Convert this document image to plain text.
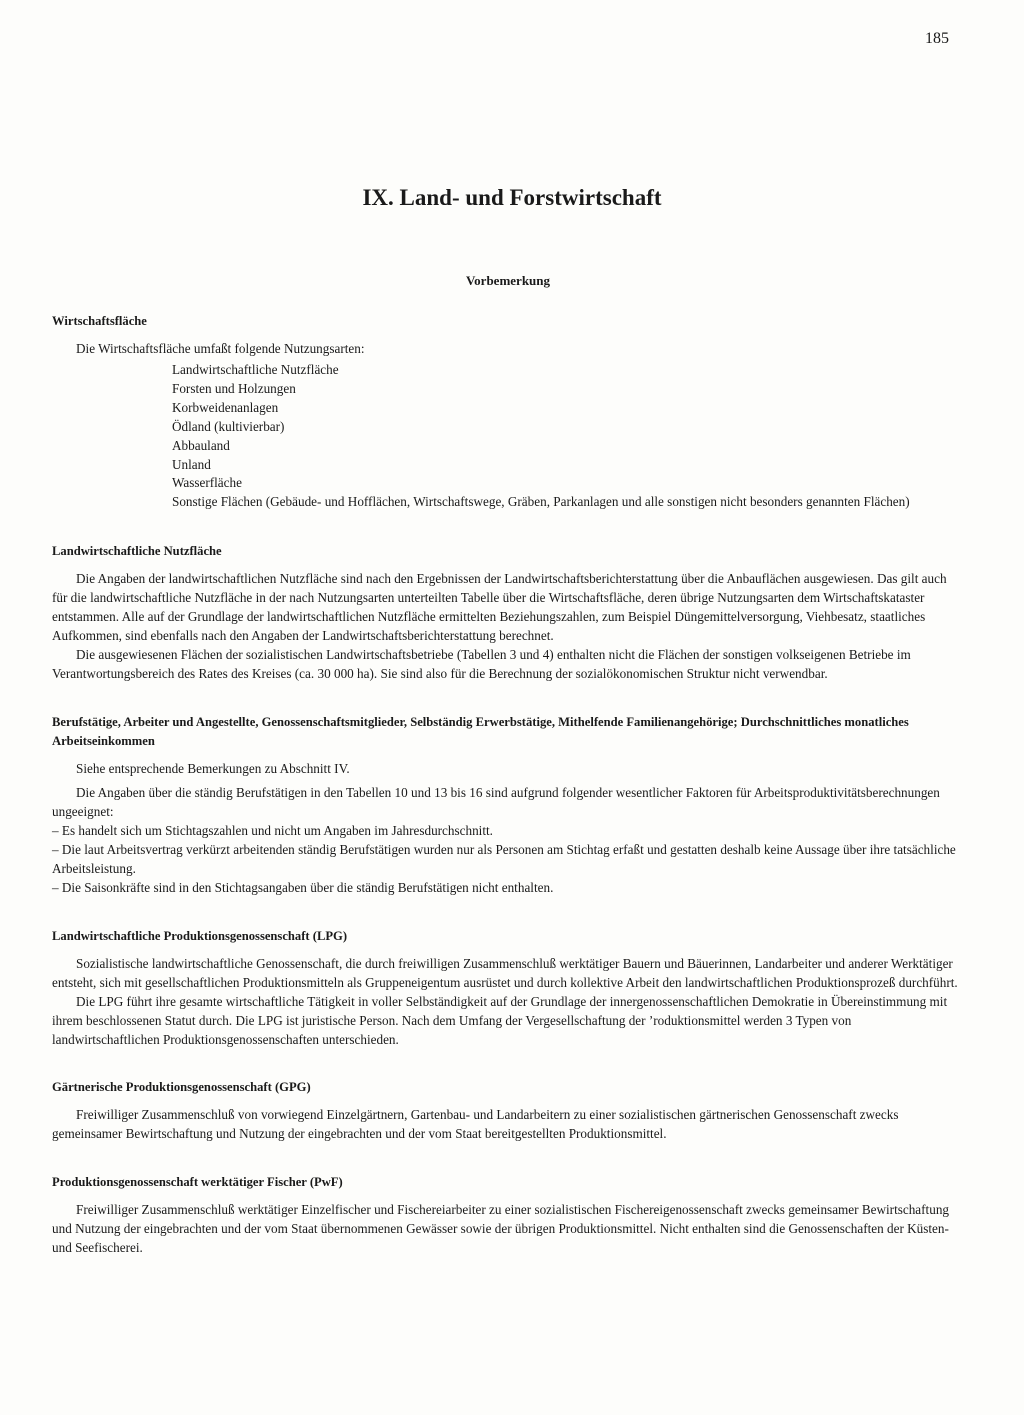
185
IX. Land- und Forstwirtschaft
Vorbemerkung
Wirtschaftsfläche

Die Wirtschaftsfläche umfaßt folgende Nutzungsarten:

Landwirtschaftliche Nutzfläche
Forsten und Holzungen
Korbweidenanlagen
Ödland (kultivierbar)
Abbauland
Unland
Wasserfläche
Sonstige Flächen (Gebäude- und Hofflächen, Wirtschaftswege, Gräben, Parkanlagen und alle sonstigen nicht besonders genannten Flächen)
Landwirtschaftliche Nutzfläche

Die Angaben der landwirtschaftlichen Nutzfläche sind nach den Ergebnissen der Landwirtschaftsberichterstattung über die Anbauflächen ausgewiesen. Das gilt auch für die landwirtschaftliche Nutzfläche in der nach Nutzungsarten unterteilten Tabelle über die Wirtschaftsfläche, deren übrige Nutzungsarten dem Wirtschaftskataster entstammen. Alle auf der Grundlage der landwirtschaftlichen Nutzfläche ermittelten Beziehungszahlen, zum Beispiel Düngemittelversorgung, Viehbesatz, staatliches Aufkommen, sind ebenfalls nach den Angaben der Landwirtschaftsberichterstattung berechnet.

Die ausgewiesenen Flächen der sozialistischen Landwirtschaftsbetriebe (Tabellen 3 und 4) enthalten nicht die Flächen der sonstigen volkseigenen Betriebe im Verantwortungsbereich des Rates des Kreises (ca. 30 000 ha). Sie sind also für die Berechnung der sozialökonomischen Struktur nicht verwendbar.

Berufstätige, Arbeiter und Angestellte, Genossenschaftsmitglieder, Selbständig Erwerbstätige, Mithelfende Familienangehörige; Durchschnittliches monatliches Arbeitseinkommen

Siehe entsprechende Bemerkungen zu Abschnitt IV.

Die Angaben über die ständig Berufstätigen in den Tabellen 10 und 13 bis 16 sind aufgrund folgender wesentlicher Faktoren für Arbeitsproduktivitätsberechnungen ungeeignet:

– Es handelt sich um Stichtagszahlen und nicht um Angaben im Jahresdurchschnitt.
– Die laut Arbeitsvertrag verkürzt arbeitenden ständig Berufstätigen wurden nur als Personen am Stichtag erfaßt und gestatten deshalb keine Aussage über ihre tatsächliche Arbeitsleistung.
– Die Saisonkräfte sind in den Stichtagsangaben über die ständig Berufstätigen nicht enthalten.
Landwirtschaftliche Produktionsgenossenschaft (LPG)

Sozialistische landwirtschaftliche Genossenschaft, die durch freiwilligen Zusammenschluß werktätiger Bauern und Bäuerinnen, Landarbeiter und anderer Werktätiger entsteht, sich mit gesellschaftlichen Produktionsmitteln als Gruppeneigentum ausrüstet und durch kollektive Arbeit den landwirtschaftlichen Produktionsprozeß durchführt.

Die LPG führt ihre gesamte wirtschaftliche Tätigkeit in voller Selbständigkeit auf der Grundlage der innergenossenschaftlichen Demokratie in Übereinstimmung mit ihrem beschlossenen Statut durch. Die LPG ist juristische Person. Nach dem Umfang der Vergesellschaftung der ’roduktionsmittel werden 3 Typen von landwirtschaftlichen Produktionsgenossenschaften unterschieden.

Gärtnerische Produktionsgenossenschaft (GPG)

Freiwilliger Zusammenschluß von vorwiegend Einzelgärtnern, Gartenbau- und Landarbeitern zu einer sozialistischen gärtnerischen Genossenschaft zwecks gemeinsamer Bewirtschaftung und Nutzung der eingebrachten und der vom Staat bereitgestellten Produktionsmittel.

Produktionsgenossenschaft werktätiger Fischer (PwF)

Freiwilliger Zusammenschluß werktätiger Einzelfischer und Fischereiarbeiter zu einer sozialistischen Fischereigenossenschaft zwecks gemeinsamer Bewirtschaftung und Nutzung der eingebrachten und der vom Staat übernommenen Gewässer sowie der übrigen Produktionsmittel. Nicht enthalten sind die Genossenschaften der Küsten- und Seefischerei.
